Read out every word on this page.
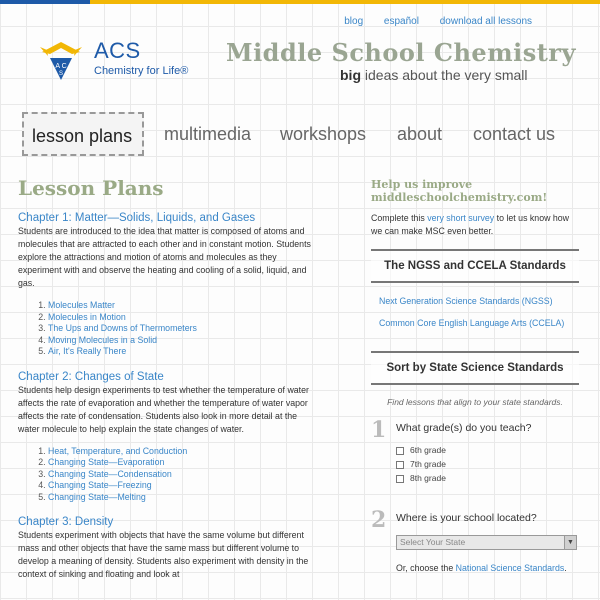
blog español download all lessons
A C
S
ACS
Chemistry for Life®
Middle School Chemistry
big ideas about the very small
lesson plans	multimedia workshops about contact us
Lesson Plans
Chapter 1: Matter—Solids, Liquids, and Gases

Students are introduced to the idea that matter is composed of atoms and molecules that are attracted to each other and in constant motion. Students explore the attractions and motion of atoms and molecules as they experiment with and observe the heating and cooling of a solid, liquid, and gas.

1. Molecules Matter
2. Molecules in Motion
3. The Ups and Downs of Thermometers
4. Moving Molecules in a Solid
5. Air, It's Really There
Chapter 2: Changes of State

Students help design experiments to test whether the temperature of water affects the rate of evaporation and whether the temperature of water vapor affects the rate of condensation. Students also look in more detail at the water molecule to help explain the state changes of water.

1. Heat, Temperature, and Conduction
2. Changing State—Evaporation
3. Changing State—Condensation
4. Changing State—Freezing
5. Changing State—Melting
Chapter 3: Density

Students experiment with objects that have the same volume but different mass and other objects that have the same mass but different volume to develop a meaning of density. Students also experiment with density in the context of sinking and floating and look at

Help us improve
middleschoolchemistry.com!
Complete this very short survey to let us know how we can make MSC even better.
The NGSS and CCELA Standards
Next Generation Science Standards (NGSS)
Common Core English Language Arts (CCELA)
Sort by State Science Standards
Find lessons that align to your state standards.
1 What grade(s) do you teach?
6th grade
7th grade
8th grade
2 Where is your school located?
Select Your State	▼
Or, choose the National Science Standards.
